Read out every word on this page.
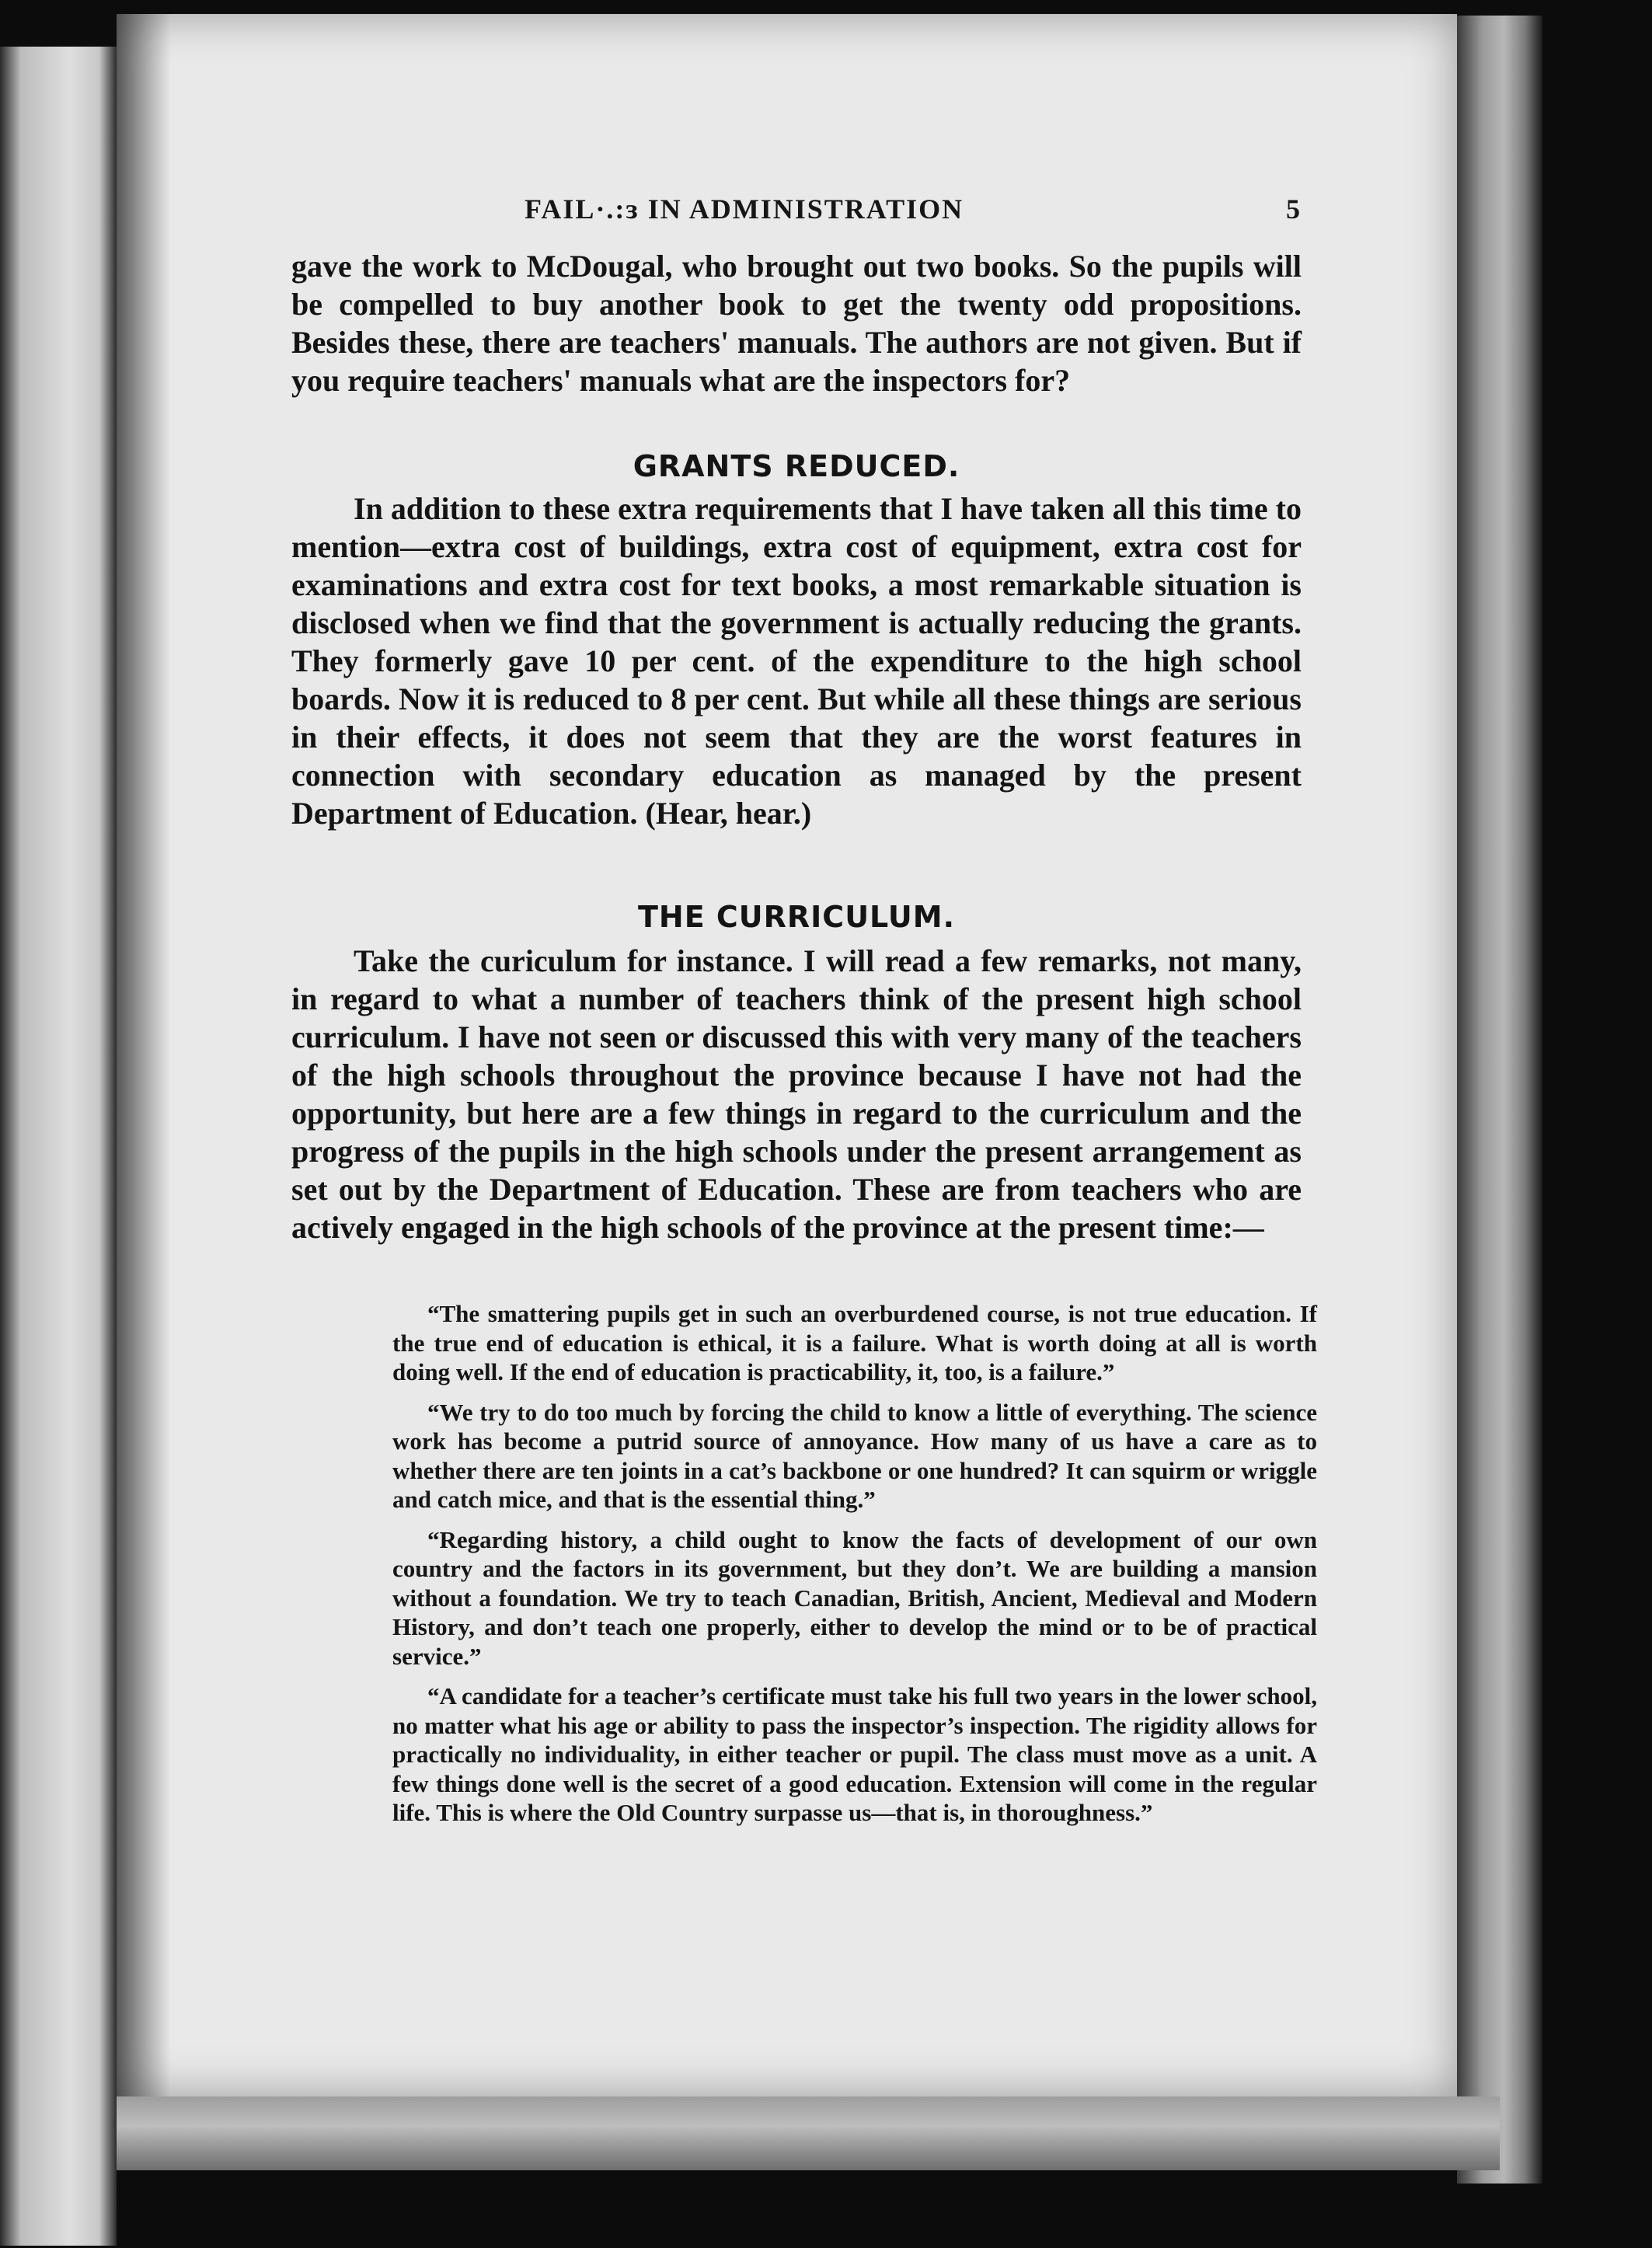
FAIL·.:ɜ IN ADMINISTRATION	5

gave the work to McDougal, who brought out two books. So the pupils will be compelled to buy another book to get the twenty odd propositions. Besides these, there are teachers' manuals. The authors are not given. But if you require teachers' manuals what are the inspectors for?

GRANTS REDUCED.

In addition to these extra requirements that I have taken all this time to mention—extra cost of buildings, extra cost of equipment, extra cost for examinations and extra cost for text books, a most remarkable situation is disclosed when we find that the government is actually reducing the grants. They formerly gave 10 per cent. of the expenditure to the high school boards. Now it is reduced to 8 per cent. But while all these things are serious in their effects, it does not seem that they are the worst features in connection with secondary education as managed by the present Department of Education. (Hear, hear.)

THE CURRICULUM.

Take the curiculum for instance. I will read a few remarks, not many, in regard to what a number of teachers think of the present high school curriculum. I have not seen or discussed this with very many of the teachers of the high schools throughout the province because I have not had the opportunity, but here are a few things in regard to the curriculum and the progress of the pupils in the high schools under the present arrangement as set out by the Department of Education. These are from teachers who are actively engaged in the high schools of the province at the present time:—

“The smattering pupils get in such an overburdened course, is not true education. If the true end of education is ethical, it is a failure. What is worth doing at all is worth doing well. If the end of education is practicability, it, too, is a failure.”

“We try to do too much by forcing the child to know a little of everything. The science work has become a putrid source of annoyance. How many of us have a care as to whether there are ten joints in a cat’s backbone or one hundred? It can squirm or wriggle and catch mice, and that is the essential thing.”

“Regarding history, a child ought to know the facts of development of our own country and the factors in its government, but they don’t. We are building a mansion without a foundation. We try to teach Canadian, British, Ancient, Medieval and Modern History, and don’t teach one properly, either to develop the mind or to be of practical service.”

“A candidate for a teacher’s certificate must take his full two years in the lower school, no matter what his age or ability to pass the inspector’s inspection. The rigidity allows for practically no individuality, in either teacher or pupil. The class must move as a unit. A few things done well is the secret of a good education. Extension will come in the regular life. This is where the Old Country surpasse us—that is, in thoroughness.”
